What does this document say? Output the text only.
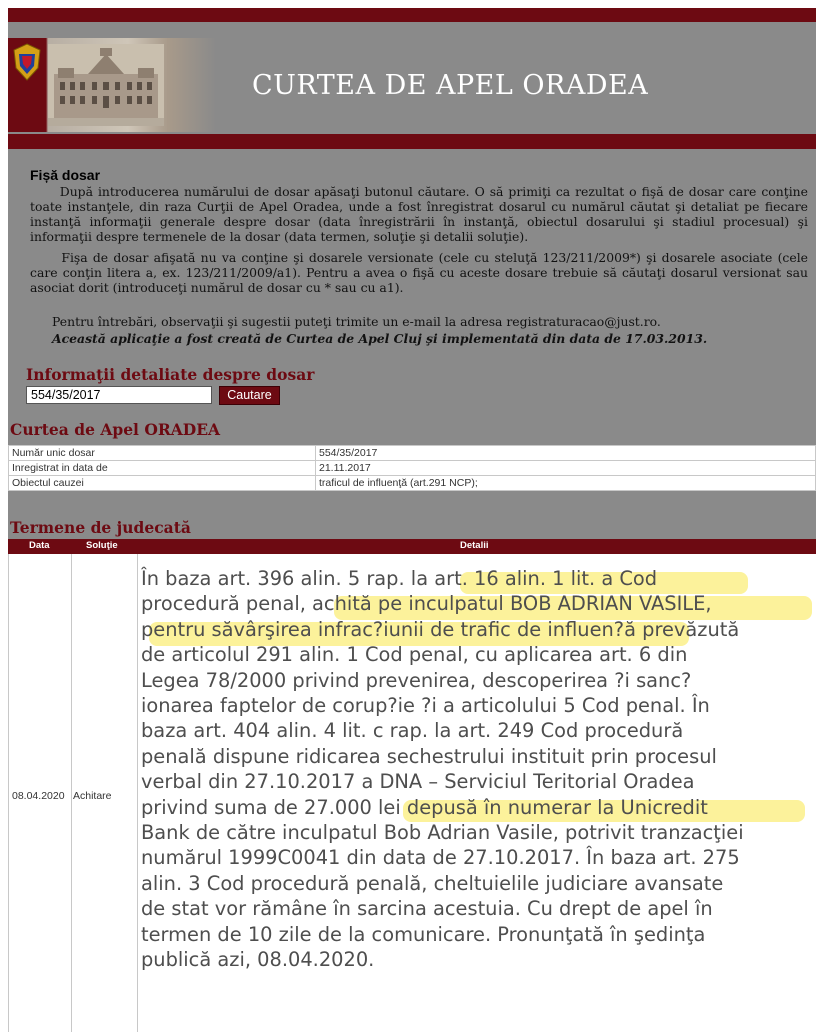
CURTEA DE APEL ORADEA
Fișă dosar

După introducerea numărului de dosar apăsaţi butonul căutare. O să primiţi ca rezultat o fişă de dosar care conţine toate instanţele, din raza Curţii de Apel Oradea, unde a fost înregistrat dosarul cu numărul căutat şi detaliat pe fiecare instanţă informaţii generale despre dosar (data înregistrării în instanţă, obiectul dosarului şi stadiul procesual) şi informaţii despre termenele de la dosar (data termen, soluţie şi detalii soluţie).

Fişa de dosar afişată nu va conţine şi dosarele versionate (cele cu steluţă 123/211/2009*) şi dosarele asociate (cele care conţin litera a, ex. 123/211/2009/a1). Pentru a avea o fişă cu aceste dosare trebuie să căutaţi dosarul versionat sau asociat dorit (introduceţi numărul de dosar cu * sau cu a1).

Pentru întrebări, observaţii şi sugestii puteţi trimite un e-mail la adresa registraturacao@just.ro.

Această aplicaţie a fost creată de Curtea de Apel Cluj şi implementată din data de 17.03.2013.

Informaţii detaliate despre dosar
554/35/2017
Cautare
Curtea de Apel ORADEA
Număr unic dosar	554/35/2017
Inregistrat in data de	21.11.2017
Obiectul cauzei	traficul de influenţă (art.291 NCP);
Termene de judecată
Data	Soluţie	Detalii
08.04.2020 Achitare
În baza art. 396 alin. 5 rap. la art. 16 alin. 1 lit. a Cod
procedură penal, achită pe inculpatul BOB ADRIAN VASILE,
pentru săvârşirea infrac?iunii de trafic de influen?ă prevăzută
de articolul 291 alin. 1 Cod penal, cu aplicarea art. 6 din
Legea 78/2000 privind prevenirea, descoperirea ?i sanc?
ionarea faptelor de corup?ie ?i a articolului 5 Cod penal. În
baza art. 404 alin. 4 lit. c rap. la art. 249 Cod procedură
penală dispune ridicarea sechestrului instituit prin procesul
verbal din 27.10.2017 a DNA – Serviciul Teritorial Oradea
privind suma de 27.000 lei depusă în numerar la Unicredit
Bank de către inculpatul Bob Adrian Vasile, potrivit tranzacţiei
numărul 1999C0041 din data de 27.10.2017. În baza art. 275
alin. 3 Cod procedură penală, cheltuielile judiciare avansate
de stat vor rămâne în sarcina acestuia. Cu drept de apel în
termen de 10 zile de la comunicare. Pronunţată în şedinţa
publică azi, 08.04.2020.
